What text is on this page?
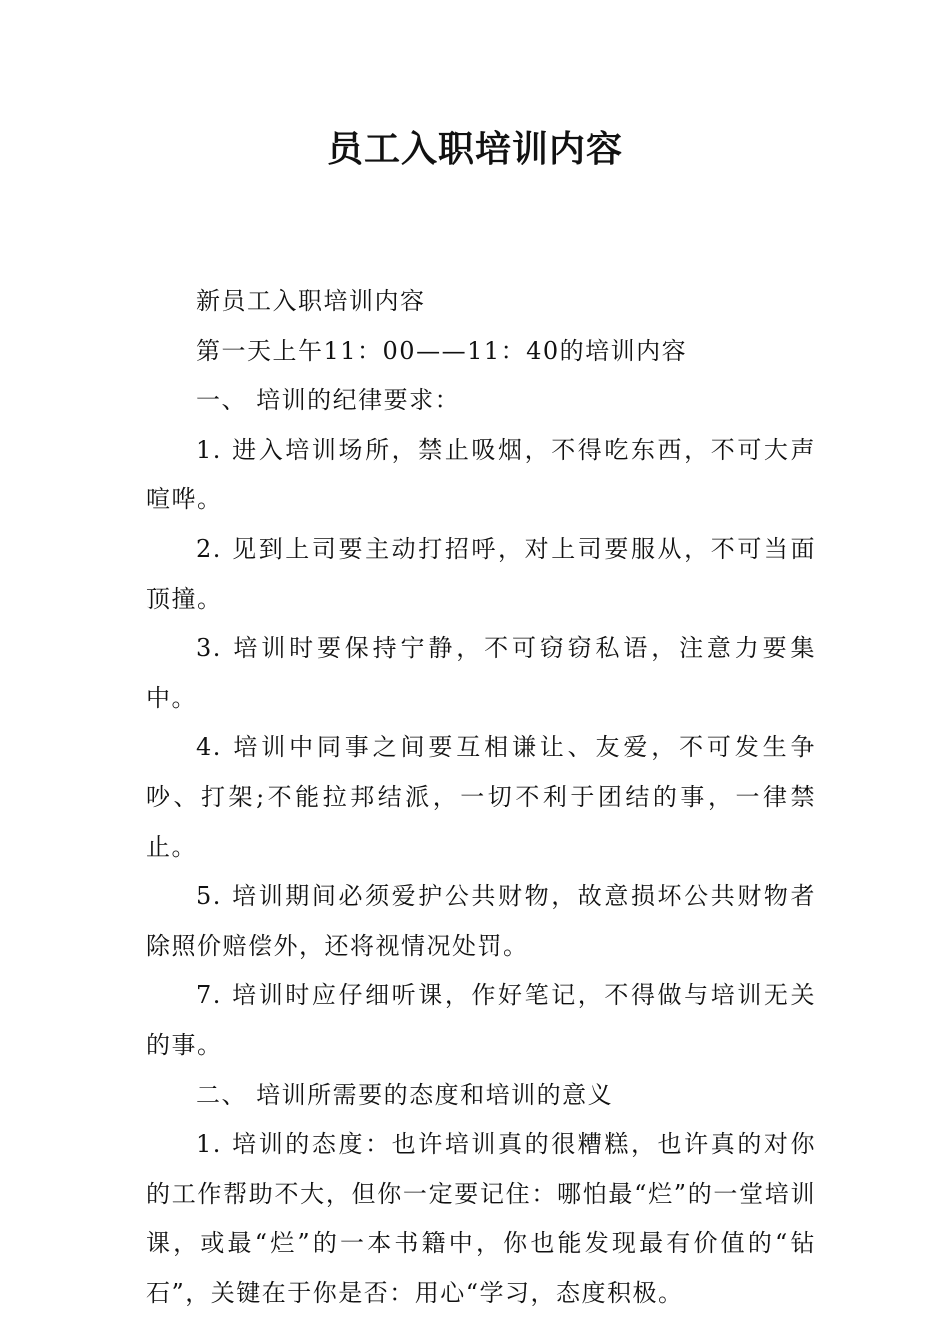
员工入职培训内容

新员工入职培训内容

第一天上午11：00——11：40的培训内容

一、 培训的纪律要求：

1. 进入培训场所，禁止吸烟，不得吃东西，不可大声喧哗。

2. 见到上司要主动打招呼，对上司要服从，不可当面顶撞。

3. 培训时要保持宁静，不可窃窃私语，注意力要集中。

4. 培训中同事之间要互相谦让、友爱，不可发生争吵、打架;不能拉邦结派，一切不利于团结的事，一律禁止。

5. 培训期间必须爱护公共财物，故意损坏公共财物者除照价赔偿外，还将视情况处罚。

7. 培训时应仔细听课，作好笔记，不得做与培训无关的事。

二、 培训所需要的态度和培训的意义

1. 培训的态度：也许培训真的很糟糕，也许真的对你的工作帮助不大，但你一定要记住：哪怕最“烂”的一堂培训课，或最“烂”的一本书籍中，你也能发现最有价值的“钻石”，关键在于你是否：用心“学习，态度积极。
